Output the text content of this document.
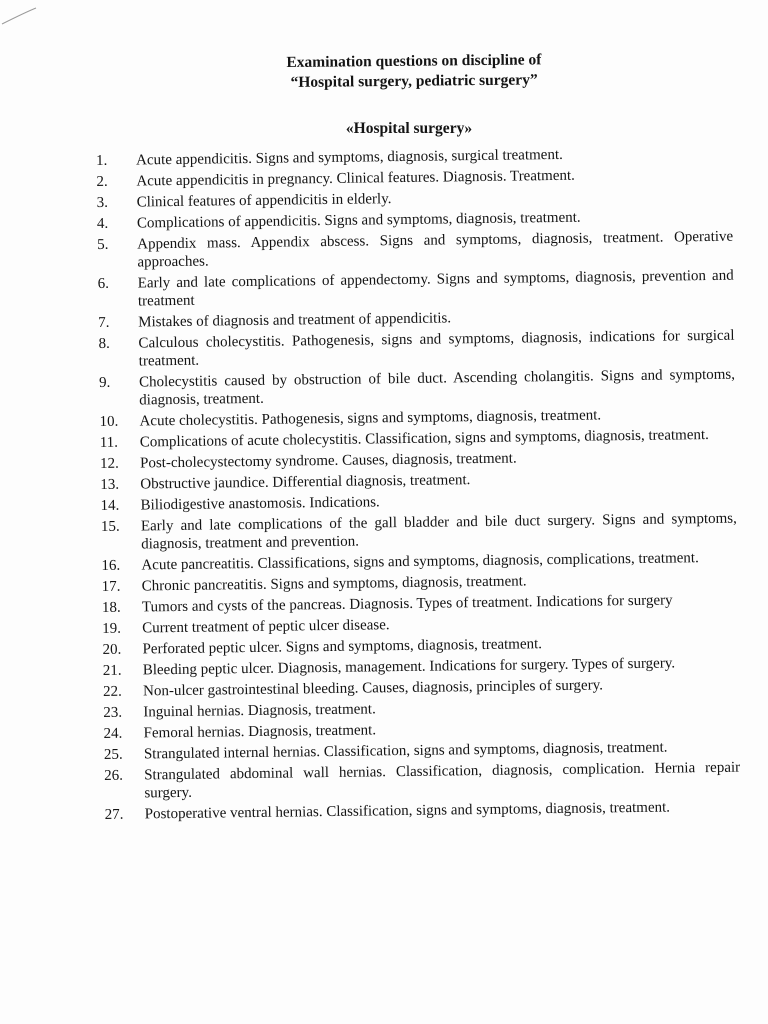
Examination questions on discipline of
“Hospital surgery, pediatric surgery”
«Hospital surgery»
1.	Acute appendicitis. Signs and symptoms, diagnosis, surgical treatment.
2.	Acute appendicitis in pregnancy. Clinical features. Diagnosis. Treatment.
3.	Clinical features of appendicitis in elderly.
4.	Complications of appendicitis. Signs and symptoms, diagnosis, treatment.
5.	Appendix mass. Appendix abscess. Signs and symptoms, diagnosis, treatment. Operative approaches.
6.	Early and late complications of appendectomy. Signs and symptoms, diagnosis, prevention and treatment
7.	Mistakes of diagnosis and treatment of appendicitis.
8.	Calculous cholecystitis. Pathogenesis, signs and symptoms, diagnosis, indications for surgical treatment.
9.	Cholecystitis caused by obstruction of bile duct. Ascending cholangitis. Signs and symptoms, diagnosis, treatment.
10.	Acute cholecystitis. Pathogenesis, signs and symptoms, diagnosis, treatment.
11.	Complications of acute cholecystitis. Classification, signs and symptoms, diagnosis, treatment.
12.	Post-cholecystectomy syndrome. Causes, diagnosis, treatment.
13.	Obstructive jaundice. Differential diagnosis, treatment.
14.	Biliodigestive anastomosis. Indications.
15.	Early and late complications of the gall bladder and bile duct surgery. Signs and symptoms, diagnosis, treatment and prevention.
16.	Acute pancreatitis. Classifications, signs and symptoms, diagnosis, complications, treatment.
17.	Chronic pancreatitis. Signs and symptoms, diagnosis, treatment.
18.	Tumors and cysts of the pancreas. Diagnosis. Types of treatment. Indications for surgery
19.	Current treatment of peptic ulcer disease.
20.	Perforated peptic ulcer. Signs and symptoms, diagnosis, treatment.
21.	Bleeding peptic ulcer. Diagnosis, management. Indications for surgery. Types of surgery.
22.	Non-ulcer gastrointestinal bleeding. Causes, diagnosis, principles of surgery.
23.	Inguinal hernias. Diagnosis, treatment.
24.	Femoral hernias. Diagnosis, treatment.
25.	Strangulated internal hernias. Classification, signs and symptoms, diagnosis, treatment.
26.	Strangulated abdominal wall hernias. Classification, diagnosis, complication. Hernia repair surgery.
27.	Postoperative ventral hernias. Classification, signs and symptoms, diagnosis, treatment.
